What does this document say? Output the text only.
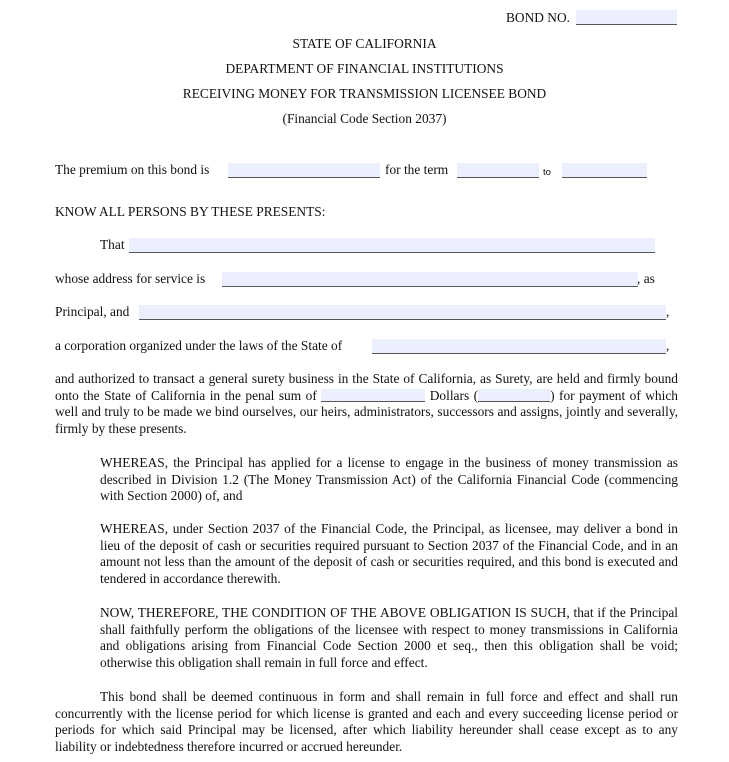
BOND NO.
STATE OF CALIFORNIA
DEPARTMENT OF FINANCIAL INSTITUTIONS
RECEIVING MONEY FOR TRANSMISSION LICENSEE BOND
(Financial Code Section 2037)
The premium on this bond is	for the term	to
KNOW ALL PERSONS BY THESE PRESENTS:
That
whose address for service is	, as
Principal, and	,
a corporation organized under the laws of the State of	,
and authorized to transact a general surety business in the State of California, as Surety, are held and firmly bound onto the State of California in the penal sum of	Dollars (	) for payment of which well and truly to be made we bind ourselves, our heirs, administrators, successors and assigns, jointly and severally, firmly by these presents.
WHEREAS, the Principal has applied for a license to engage in the business of money transmission as described in Division 1.2 (The Money Transmission Act) of the California Financial Code (commencing with Section 2000) of, and
WHEREAS, under Section 2037 of the Financial Code, the Principal, as licensee, may deliver a bond in lieu of the deposit of cash or securities required pursuant to Section 2037 of the Financial Code, and in an amount not less than the amount of the deposit of cash or securities required, and this bond is executed and tendered in accordance therewith.
NOW, THEREFORE, THE CONDITION OF THE ABOVE OBLIGATION IS SUCH, that if the Principal shall faithfully perform the obligations of the licensee with respect to money transmissions in California and obligations arising from Financial Code Section 2000 et seq., then this obligation shall be void; otherwise this obligation shall remain in full force and effect.
This bond shall be deemed continuous in form and shall remain in full force and effect and shall run concurrently with the license period for which license is granted and each and every succeeding license period or periods for which said Principal may be licensed, after which liability hereunder shall cease except as to any liability or indebtedness therefore incurred or accrued hereunder.
